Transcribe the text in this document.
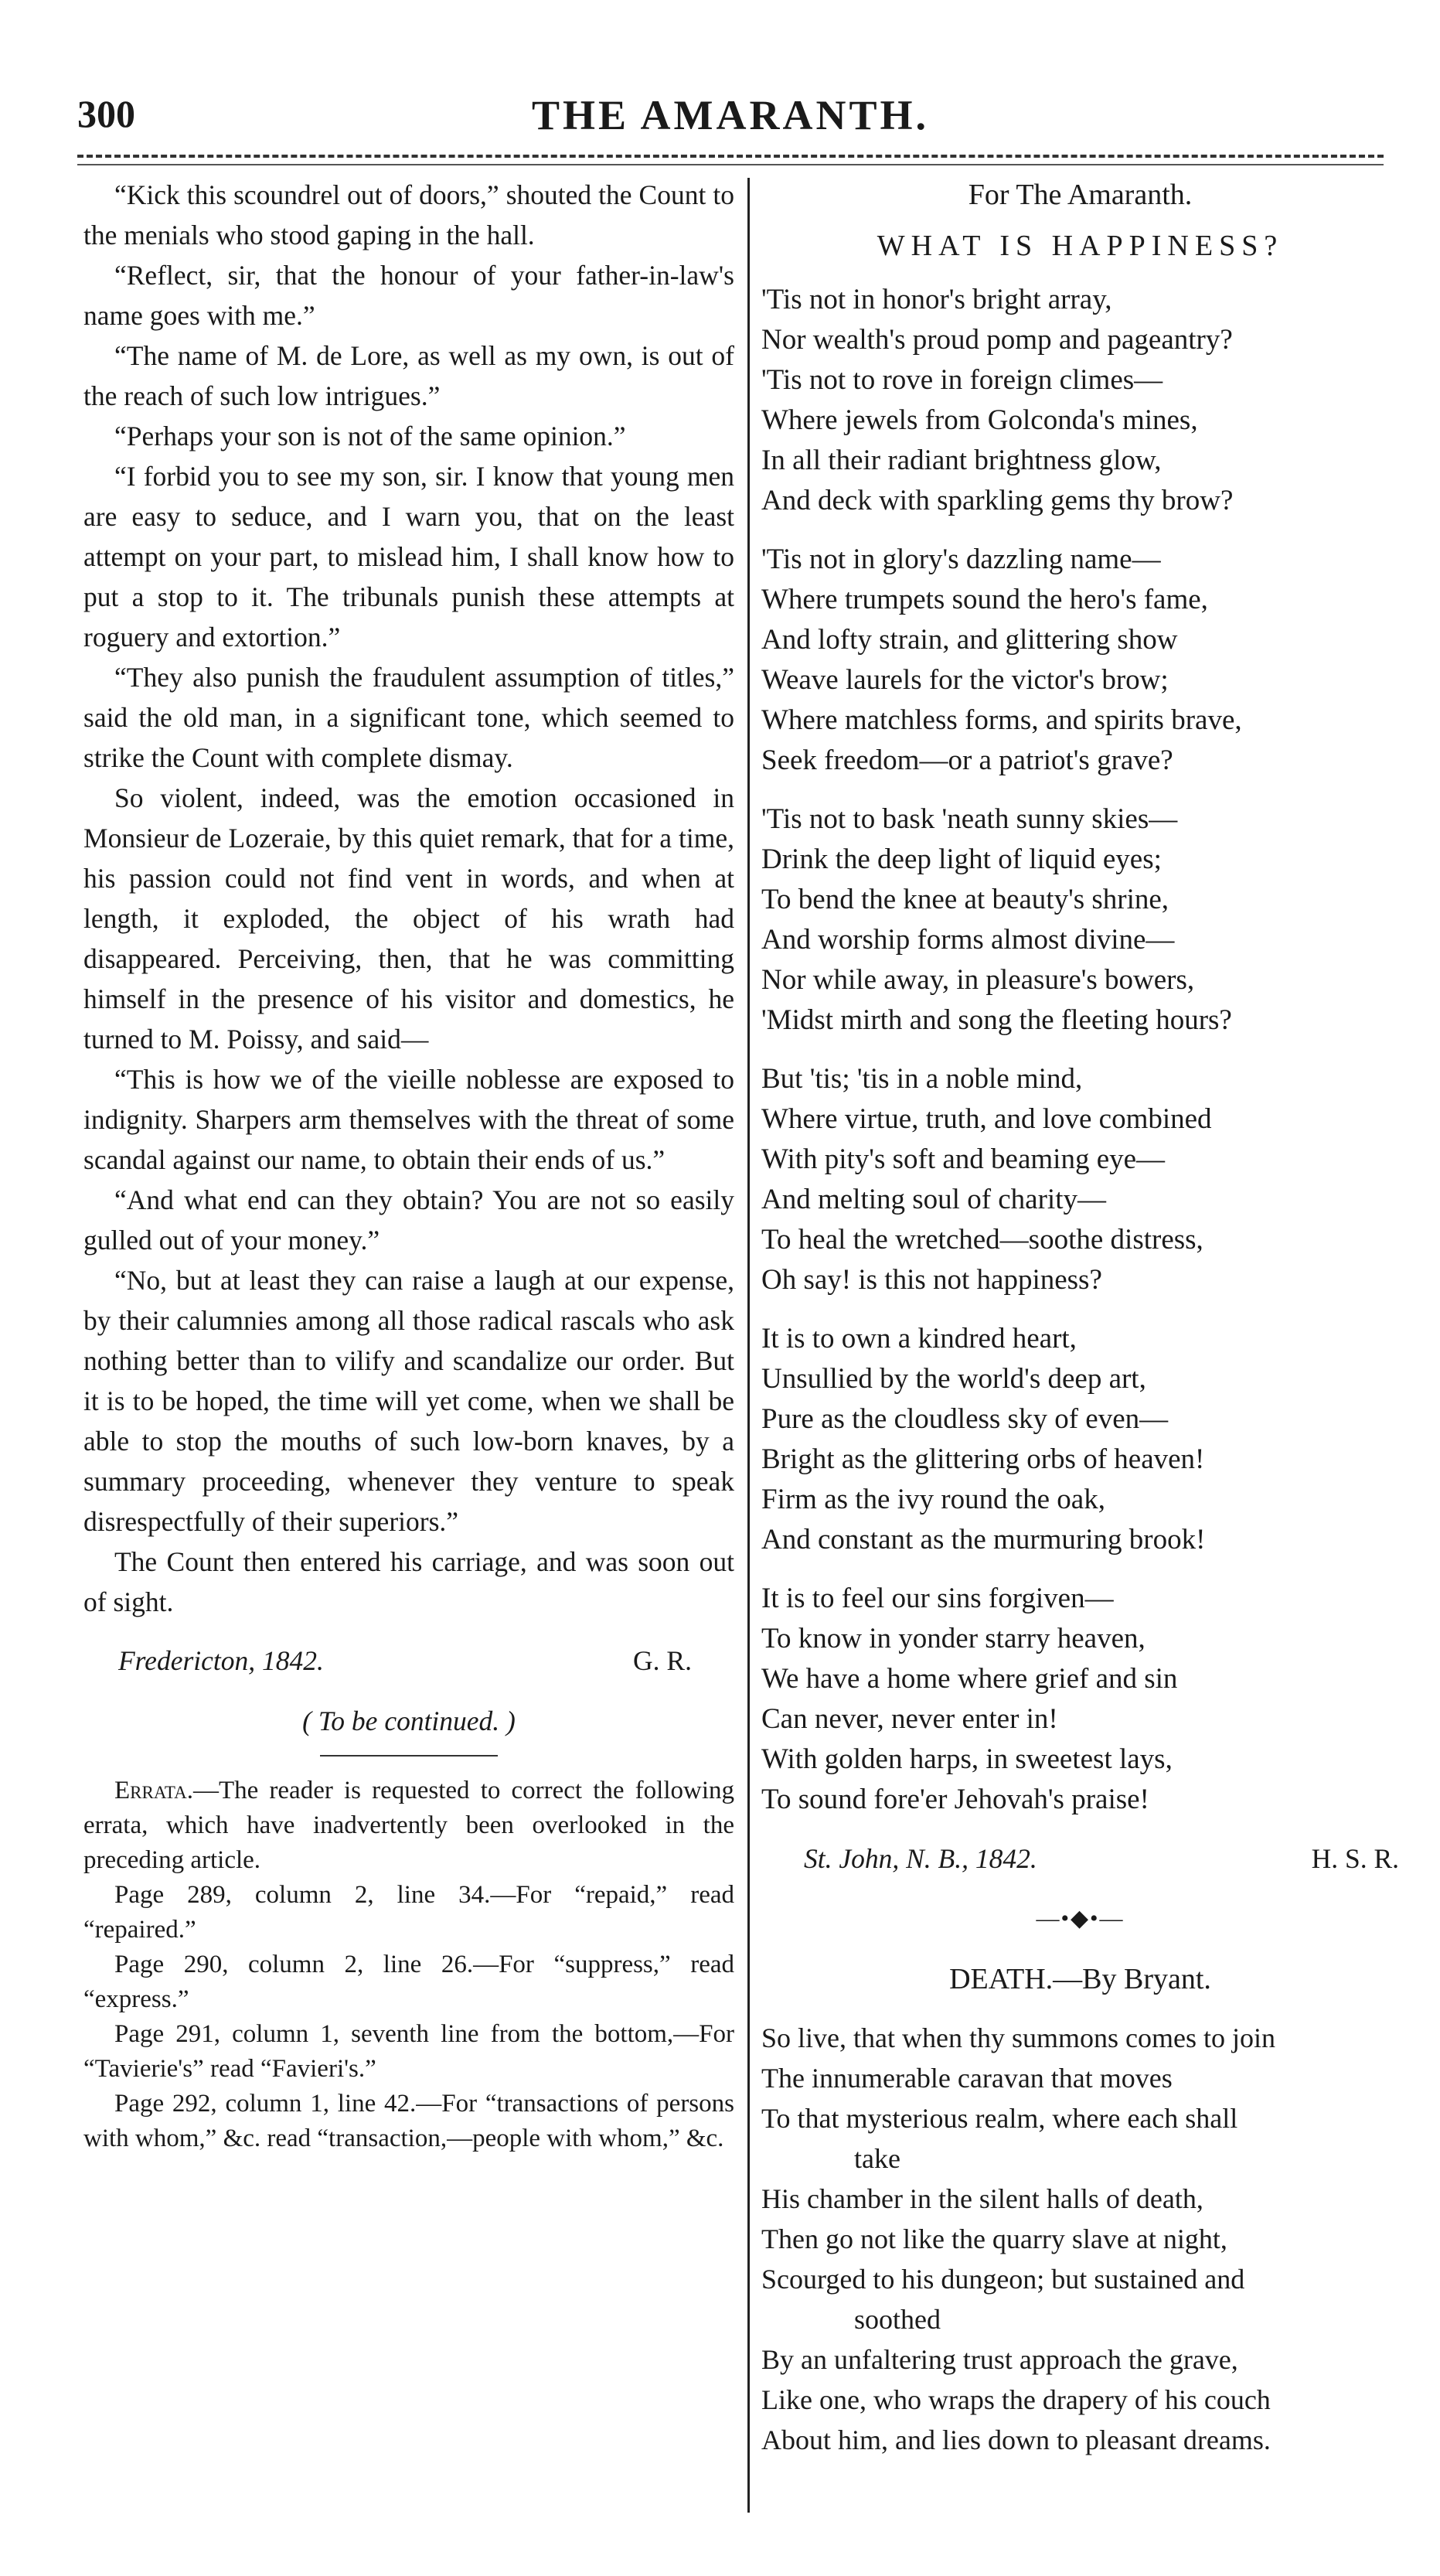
300	THE AMARANTH.

“Kick this scoundrel out of doors,” shouted the Count to the menials who stood gaping in the hall.

“Reflect, sir, that the honour of your father-in-law's name goes with me.”

“The name of M. de Lore, as well as my own, is out of the reach of such low intrigues.”

“Perhaps your son is not of the same opinion.”

“I forbid you to see my son, sir. I know that young men are easy to seduce, and I warn you, that on the least attempt on your part, to mislead him, I shall know how to put a stop to it. The tribunals punish these attempts at roguery and extortion.”

“They also punish the fraudulent assumption of titles,” said the old man, in a significant tone, which seemed to strike the Count with complete dismay.

So violent, indeed, was the emotion occasioned in Monsieur de Lozeraie, by this quiet remark, that for a time, his passion could not find vent in words, and when at length, it exploded, the object of his wrath had disappeared. Perceiving, then, that he was committing himself in the presence of his visitor and domestics, he turned to M. Poissy, and said—

“This is how we of the vieille noblesse are exposed to indignity. Sharpers arm themselves with the threat of some scandal against our name, to obtain their ends of us.”

“And what end can they obtain? You are not so easily gulled out of your money.”

“No, but at least they can raise a laugh at our expense, by their calumnies among all those radical rascals who ask nothing better than to vilify and scandalize our order. But it is to be hoped, the time will yet come, when we shall be able to stop the mouths of such low-born knaves, by a summary proceeding, whenever they venture to speak disrespectfully of their superiors.”

The Count then entered his carriage, and was soon out of sight.

Fredericton, 1842.	G. R.
( To be continued. )

Errata.—The reader is requested to correct the following errata, which have inadvertently been overlooked in the preceding article.

Page 289, column 2, line 34.—For “repaid,” read “repaired.”

Page 290, column 2, line 26.—For “suppress,” read “express.”

Page 291, column 1, seventh line from the bottom,—For “Tavierie's” read “Favieri's.”

Page 292, column 1, line 42.—For “transactions of persons with whom,” &c. read “transaction,—people with whom,” &c.

For The Amaranth.
WHAT IS HAPPINESS?
'Tis not in honor's bright array,
Nor wealth's proud pomp and pageantry?
'Tis not to rove in foreign climes—
Where jewels from Golconda's mines,
In all their radiant brightness glow,
And deck with sparkling gems thy brow?
'Tis not in glory's dazzling name—
Where trumpets sound the hero's fame,
And lofty strain, and glittering show
Weave laurels for the victor's brow;
Where matchless forms, and spirits brave,
Seek freedom—or a patriot's grave?
'Tis not to bask 'neath sunny skies—
Drink the deep light of liquid eyes;
To bend the knee at beauty's shrine,
And worship forms almost divine—
Nor while away, in pleasure's bowers,
'Midst mirth and song the fleeting hours?
But 'tis; 'tis in a noble mind,
Where virtue, truth, and love combined
With pity's soft and beaming eye—
And melting soul of charity—
To heal the wretched—soothe distress,
Oh say! is this not happiness?
It is to own a kindred heart,
Unsullied by the world's deep art,
Pure as the cloudless sky of even—
Bright as the glittering orbs of heaven!
Firm as the ivy round the oak,
And constant as the murmuring brook!
It is to feel our sins forgiven—
To know in yonder starry heaven,
We have a home where grief and sin
Can never, never enter in!
With golden harps, in sweetest lays,
To sound fore'er Jehovah's praise!
St. John, N. B., 1842.	H. S. R.
—•◆•—
DEATH.—By Bryant.
So live, that when thy summons comes to join
The innumerable caravan that moves
To that mysterious realm, where each shall
take
His chamber in the silent halls of death,
Then go not like the quarry slave at night,
Scourged to his dungeon; but sustained and
soothed
By an unfaltering trust approach the grave,
Like one, who wraps the drapery of his couch
About him, and lies down to pleasant dreams.
